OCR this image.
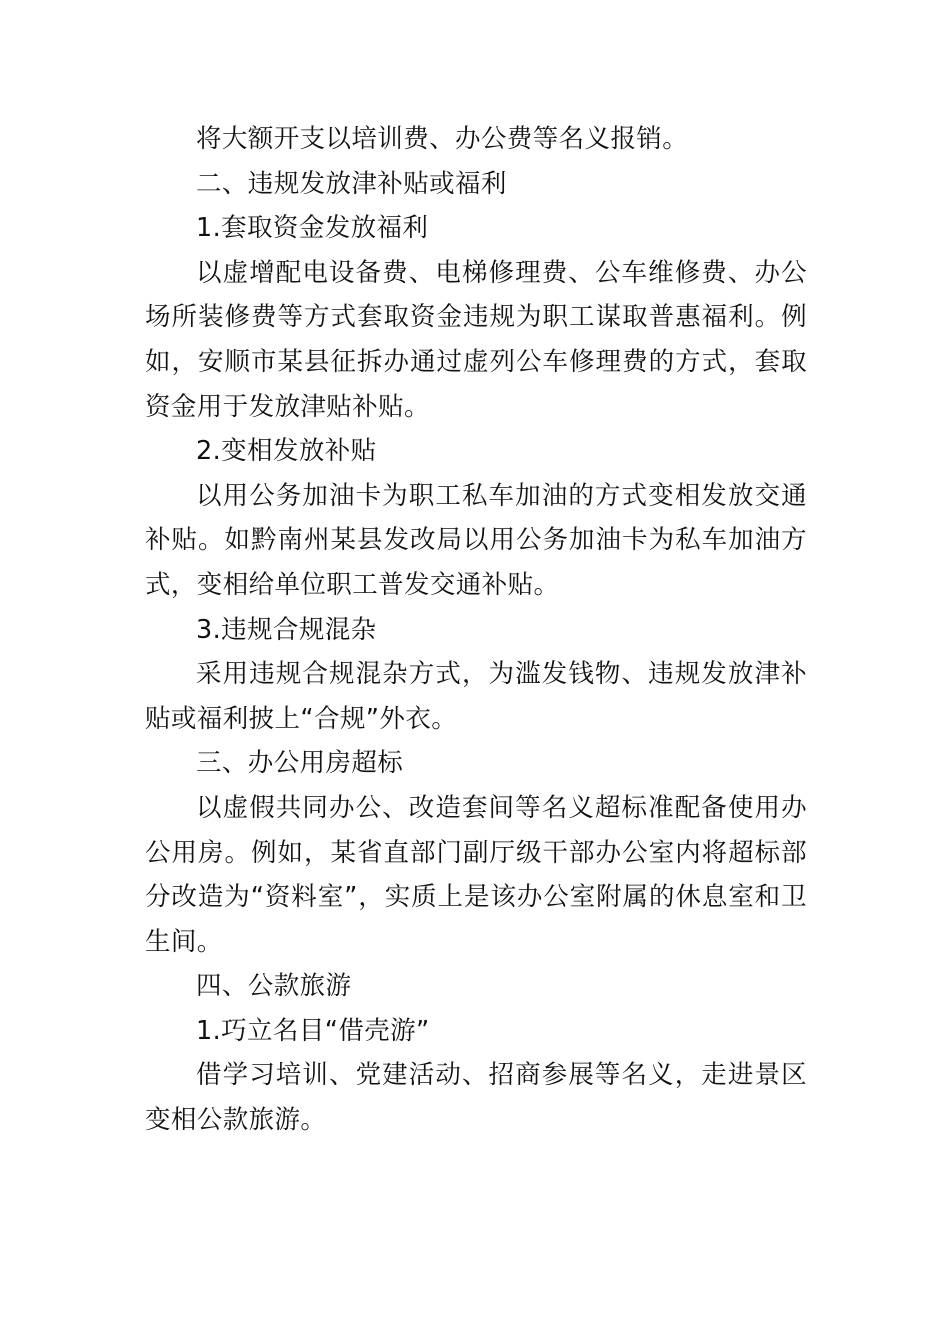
将大额开支以培训费、办公费等名义报销。

二、违规发放津补贴或福利

1.套取资金发放福利

以虚增配电设备费、电梯修理费、公车维修费、办公场所装修费等方式套取资金违规为职工谋取普惠福利。例如，安顺市某县征拆办通过虚列公车修理费的方式，套取资金用于发放津贴补贴。

2.变相发放补贴

以用公务加油卡为职工私车加油的方式变相发放交通补贴。如黔南州某县发改局以用公务加油卡为私车加油方式，变相给单位职工普发交通补贴。

3.违规合规混杂

采用违规合规混杂方式，为滥发钱物、违规发放津补贴或福利披上“合规”外衣。

三、办公用房超标

以虚假共同办公、改造套间等名义超标准配备使用办公用房。例如，某省直部门副厅级干部办公室内将超标部分改造为“资料室”，实质上是该办公室附属的休息室和卫生间。

四、公款旅游

1.巧立名目“借壳游”

借学习培训、党建活动、招商参展等名义，走进景区变相公款旅游。
